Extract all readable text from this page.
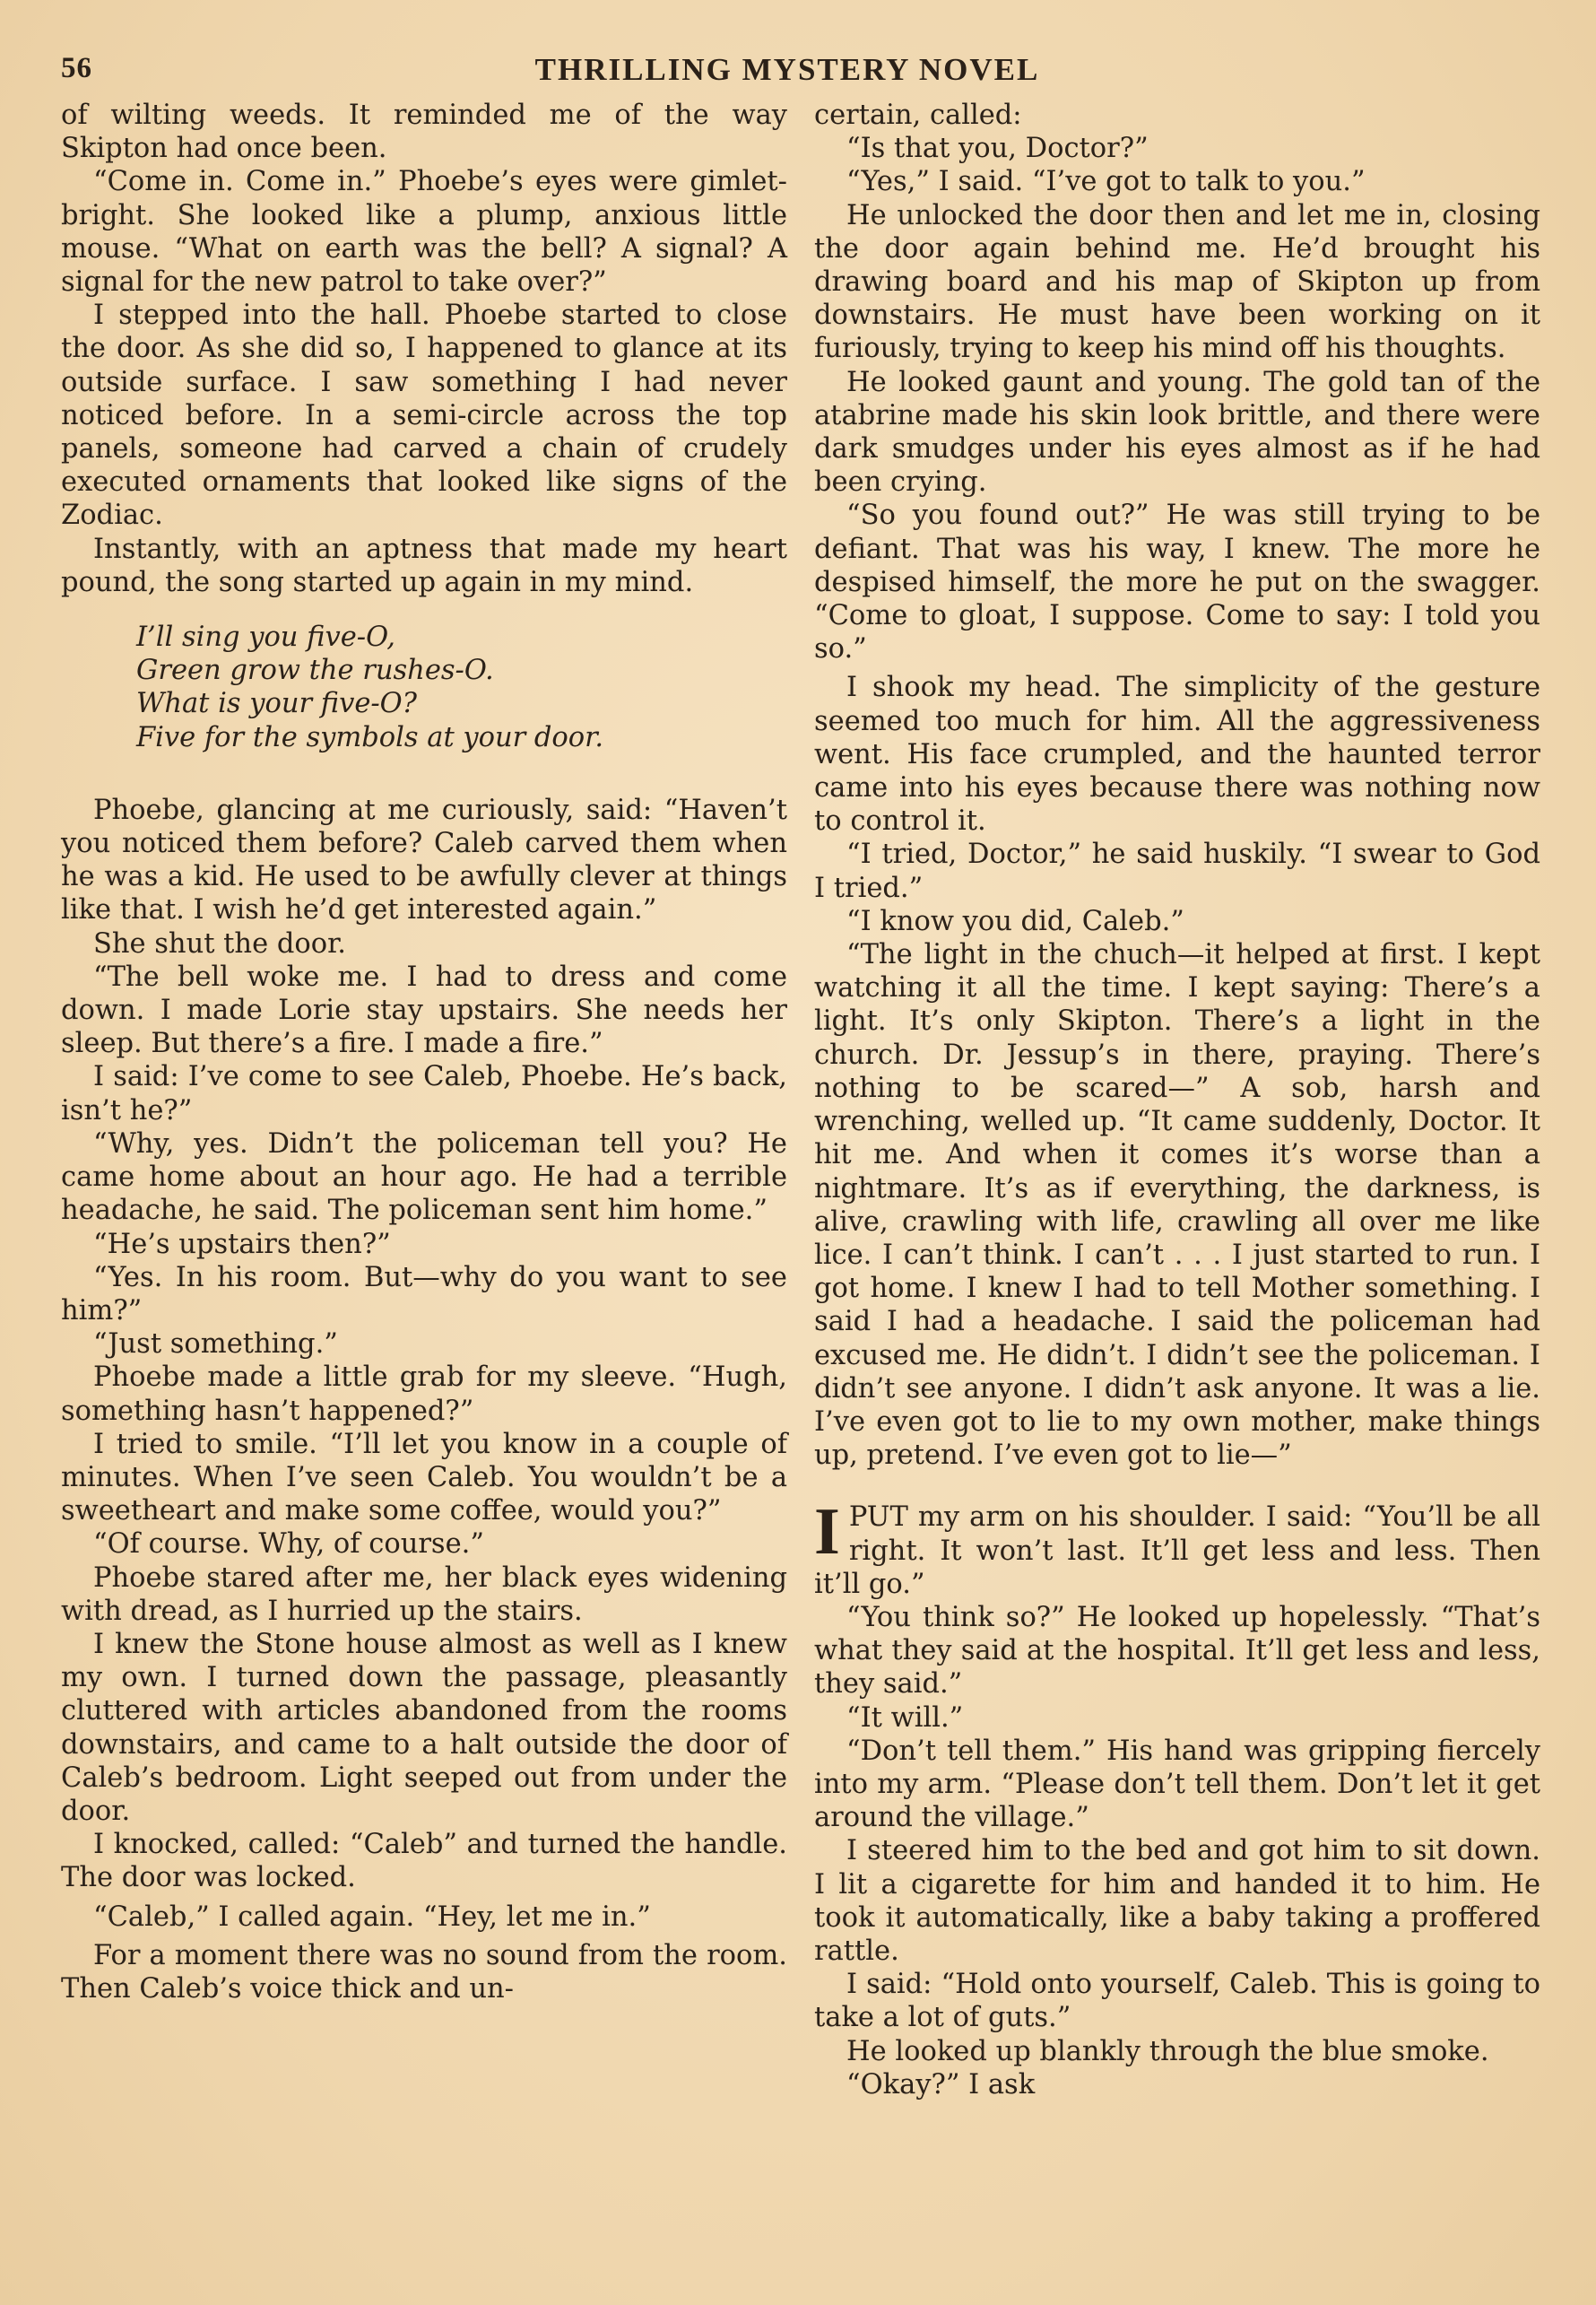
56	THRILLING MYSTERY NOVEL

of wilting weeds. It reminded me of the way Skipton had once been.

“Come in. Come in.” Phoebe’s eyes were gimlet-bright. She looked like a plump, anxious little mouse. “What on earth was the bell? A signal? A signal for the new patrol to take over?”

I stepped into the hall. Phoebe started to close the door. As she did so, I happened to glance at its outside surface. I saw something I had never noticed before. In a semi-circle across the top panels, someone had carved a chain of crudely executed ornaments that looked like signs of the Zodiac.

Instantly, with an aptness that made my heart pound, the song started up again in my mind.

I’ll sing you five-O,
Green grow the rushes-O.
What is your five-O?
Five for the symbols at your door.

Phoebe, glancing at me curiously, said: “Haven’t you noticed them before? Caleb carved them when he was a kid. He used to be awfully clever at things like that. I wish he’d get interested again.”

She shut the door.

“The bell woke me. I had to dress and come down. I made Lorie stay upstairs. She needs her sleep. But there’s a fire. I made a fire.”

I said: I’ve come to see Caleb, Phoebe. He’s back, isn’t he?”

“Why, yes. Didn’t the policeman tell you? He came home about an hour ago. He had a terrible headache, he said. The policeman sent him home.”

“He’s upstairs then?”

“Yes. In his room. But—why do you want to see him?”

“Just something.”

Phoebe made a little grab for my sleeve. “Hugh, something hasn’t happened?”

I tried to smile. “I’ll let you know in a couple of minutes. When I’ve seen Caleb. You wouldn’t be a sweetheart and make some coffee, would you?”

“Of course. Why, of course.”

Phoebe stared after me, her black eyes widening with dread, as I hurried up the stairs.

I knew the Stone house almost as well as I knew my own. I turned down the passage, pleasantly cluttered with articles abandoned from the rooms downstairs, and came to a halt outside the door of Caleb’s bedroom. Light seeped out from under the door.

I knocked, called: “Caleb” and turned the handle. The door was locked.

“Caleb,” I called again. “Hey, let me in.”

For a moment there was no sound from the room. Then Caleb’s voice thick and un-

certain, called:

“Is that you, Doctor?”

“Yes,” I said. “I’ve got to talk to you.”

He unlocked the door then and let me in, closing the door again behind me. He’d brought his drawing board and his map of Skipton up from downstairs. He must have been working on it furiously, trying to keep his mind off his thoughts.

He looked gaunt and young. The gold tan of the atabrine made his skin look brittle, and there were dark smudges under his eyes almost as if he had been crying.

“So you found out?” He was still trying to be defiant. That was his way, I knew. The more he despised himself, the more he put on the swagger. “Come to gloat, I suppose. Come to say: I told you so.”

I shook my head. The simplicity of the gesture seemed too much for him. All the aggressiveness went. His face crumpled, and the haunted terror came into his eyes because there was nothing now to control it.

“I tried, Doctor,” he said huskily. “I swear to God I tried.”

“I know you did, Caleb.”

“The light in the chuch—it helped at first. I kept watching it all the time. I kept saying: There’s a light. It’s only Skipton. There’s a light in the church. Dr. Jessup’s in there, praying. There’s nothing to be scared—” A sob, harsh and wrenching, welled up. “It came suddenly, Doctor. It hit me. And when it comes it’s worse than a nightmare. It’s as if everything, the darkness, is alive, crawling with life, crawling all over me like lice. I can’t think. I can’t . . . I just started to run. I got home. I knew I had to tell Mother something. I said I had a headache. I said the policeman had excused me. He didn’t. I didn’t see the policeman. I didn’t see anyone. I didn’t ask anyone. It was a lie. I’ve even got to lie to my own mother, make things up, pretend. I’ve even got to lie—”

IPUT my arm on his shoulder. I said: “You’ll be all right. It won’t last. It’ll get less and less. Then it’ll go.”

“You think so?” He looked up hopelessly. “That’s what they said at the hospital. It’ll get less and less, they said.”

“It will.”

“Don’t tell them.” His hand was gripping fiercely into my arm. “Please don’t tell them. Don’t let it get around the village.”

I steered him to the bed and got him to sit down. I lit a cigarette for him and handed it to him. He took it automatically, like a baby taking a proffered rattle.

I said: “Hold onto yourself, Caleb. This is going to take a lot of guts.”

He looked up blankly through the blue smoke.

“Okay?” I ask
